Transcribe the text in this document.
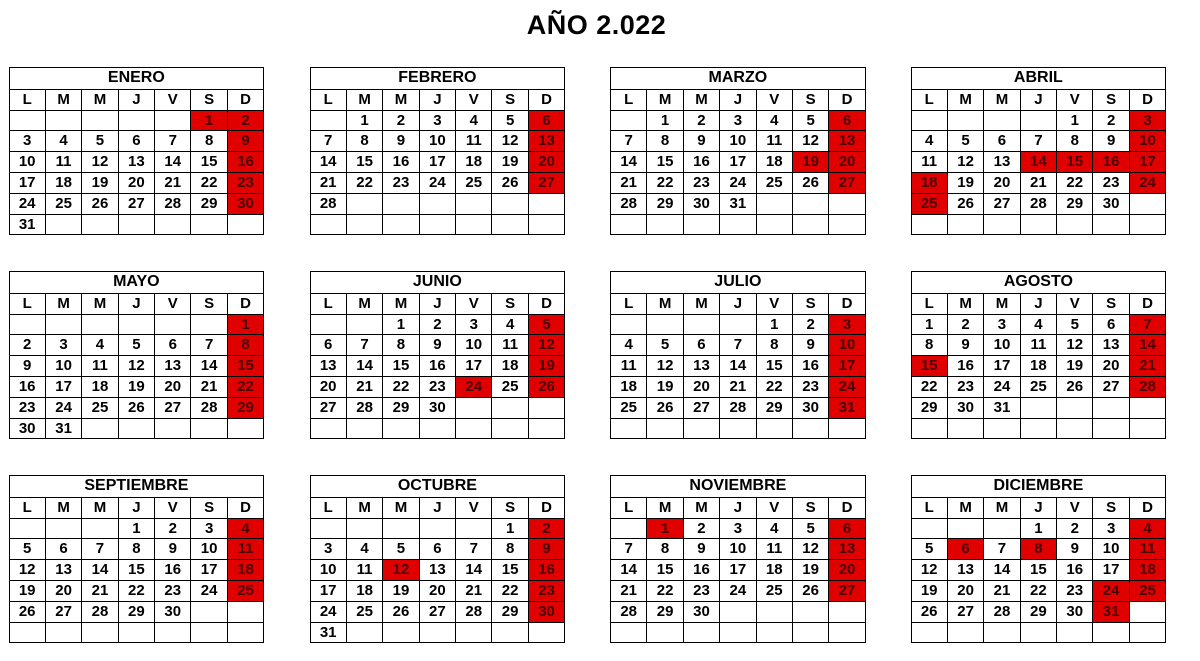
AÑO 2.022
ENERO						
L	M	M	J	V	S	D
					1	2
3	4	5	6	7	8	9
10	11	12	13	14	15	16
17	18	19	20	21	22	23
24	25	26	27	28	29	30
31						
FEBRERO						
L	M	M	J	V	S	D
	1	2	3	4	5	6
7	8	9	10	11	12	13
14	15	16	17	18	19	20
21	22	23	24	25	26	27
28						

MARZO						
L	M	M	J	V	S	D
	1	2	3	4	5	6
7	8	9	10	11	12	13
14	15	16	17	18	19	20
21	22	23	24	25	26	27
28	29	30	31			

ABRIL						
L	M	M	J	V	S	D
				1	2	3
4	5	6	7	8	9	10
11	12	13	14	15	16	17
18	19	20	21	22	23	24
25	26	27	28	29	30	

MAYO						
L	M	M	J	V	S	D
						1
2	3	4	5	6	7	8
9	10	11	12	13	14	15
16	17	18	19	20	21	22
23	24	25	26	27	28	29
30	31					
JUNIO						
L	M	M	J	V	S	D
		1	2	3	4	5
6	7	8	9	10	11	12
13	14	15	16	17	18	19
20	21	22	23	24	25	26
27	28	29	30			

JULIO						
L	M	M	J	V	S	D
				1	2	3
4	5	6	7	8	9	10
11	12	13	14	15	16	17
18	19	20	21	22	23	24
25	26	27	28	29	30	31

AGOSTO						
L	M	M	J	V	S	D
1	2	3	4	5	6	7
8	9	10	11	12	13	14
15	16	17	18	19	20	21
22	23	24	25	26	27	28
29	30	31				

SEPTIEMBRE						
L	M	M	J	V	S	D
			1	2	3	4
5	6	7	8	9	10	11
12	13	14	15	16	17	18
19	20	21	22	23	24	25
26	27	28	29	30		

OCTUBRE						
L	M	M	J	V	S	D
					1	2
3	4	5	6	7	8	9
10	11	12	13	14	15	16
17	18	19	20	21	22	23
24	25	26	27	28	29	30
31						
NOVIEMBRE						
L	M	M	J	V	S	D
	1	2	3	4	5	6
7	8	9	10	11	12	13
14	15	16	17	18	19	20
21	22	23	24	25	26	27
28	29	30				

DICIEMBRE						
L	M	M	J	V	S	D
			1	2	3	4
5	6	7	8	9	10	11
12	13	14	15	16	17	18
19	20	21	22	23	24	25
26	27	28	29	30	31	
